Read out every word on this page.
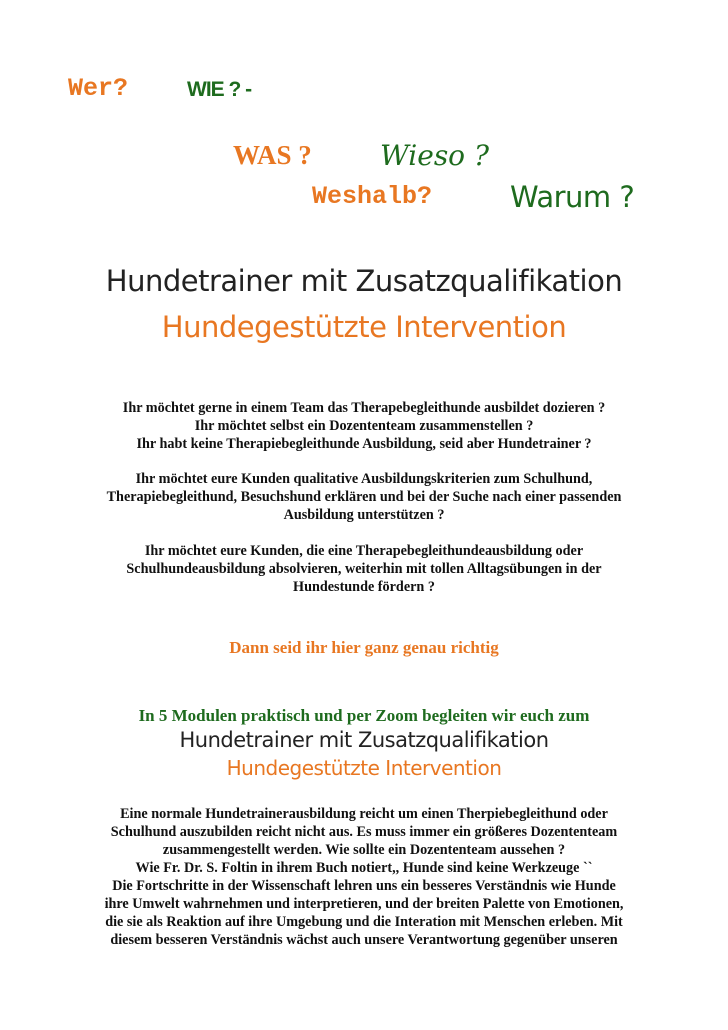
Wer?	WIE ? -
WAS ? Wieso ?
Weshalb?	Warum ?
Hundetrainer mit Zusatzqualifikation
Hundegestützte Intervention
Ihr möchtet gerne in einem Team das Therapebegleithunde ausbildet dozieren ?
Ihr möchtet selbst ein Dozententeam zusammenstellen ?
Ihr habt keine Therapiebegleithunde Ausbildung, seid aber Hundetrainer ?
Ihr möchtet eure Kunden qualitative Ausbildungskriterien zum Schulhund,
Therapiebegleithund, Besuchshund erklären und bei der Suche nach einer passenden
Ausbildung unterstützen ?
Ihr möchtet eure Kunden, die eine Therapebegleithundeausbildung oder
Schulhundeausbildung absolvieren, weiterhin mit tollen Alltagsübungen in der
Hundestunde fördern ?
Dann seid ihr hier ganz genau richtig
In 5 Modulen praktisch und per Zoom begleiten wir euch zum
Hundetrainer mit Zusatzqualifikation
Hundegestützte Intervention
Eine normale Hundetrainerausbildung reicht um einen Therpiebegleithund oder
Schulhund auszubilden reicht nicht aus. Es muss immer ein größeres Dozententeam
zusammengestellt werden. Wie sollte ein Dozententeam aussehen ?
Wie Fr. Dr. S. Foltin in ihrem Buch notiert,, Hunde sind keine Werkzeuge ``
Die Fortschritte in der Wissenschaft lehren uns ein besseres Verständnis wie Hunde
ihre Umwelt wahrnehmen und interpretieren, und der breiten Palette von Emotionen,
die sie als Reaktion auf ihre Umgebung und die Interation mit Menschen erleben. Mit
diesem besseren Verständnis wächst auch unsere Verantwortung gegenüber unseren
